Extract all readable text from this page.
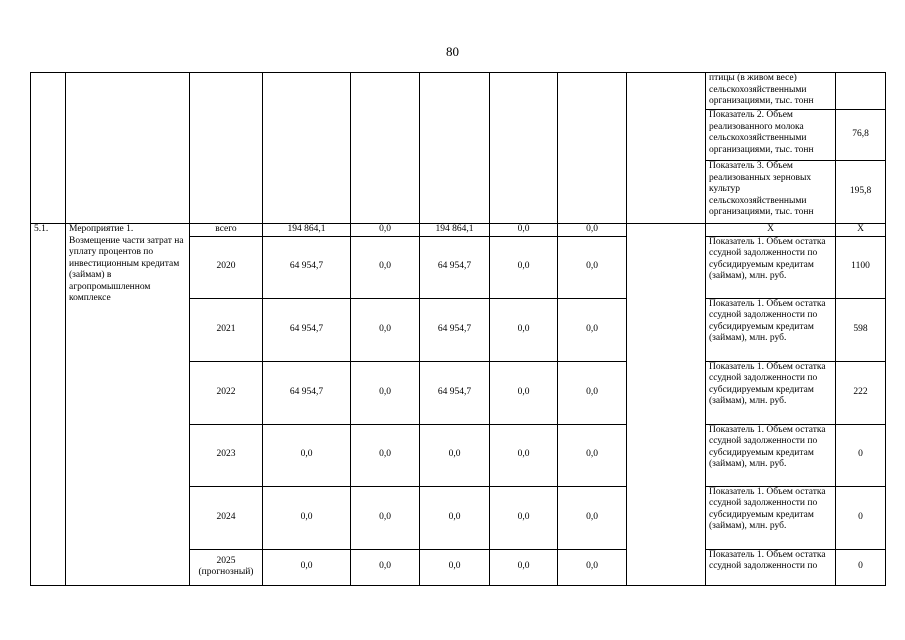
80
									птицы (в живом весе) сельскохозяйственными организациями, тыс. тонн	
									Показатель 2. Объем реализованного молока сельскохозяйственными организациями, тыс. тонн	76,8
									Показатель 3. Объем реализованных зерновых культур сельскохозяйственными организациями, тыс. тонн	195,8
5.1.	Мероприятие 1. Возмещение части затрат на уплату процентов по инвестиционным кредитам (займам) в агропромышленном комплексе	всего	194 864,1	0,0	194 864,1	0,0	0,0		Х	Х
		2020	64 954,7	0,0	64 954,7	0,0	0,0		Показатель 1. Объем остатка ссудной задолженности по субсидируемым кредитам (займам), млн. руб.	1100
		2021	64 954,7	0,0	64 954,7	0,0	0,0		Показатель 1. Объем остатка ссудной задолженности по субсидируемым кредитам (займам), млн. руб.	598
		2022	64 954,7	0,0	64 954,7	0,0	0,0		Показатель 1. Объем остатка ссудной задолженности по субсидируемым кредитам (займам), млн. руб.	222
		2023	0,0	0,0	0,0	0,0	0,0		Показатель 1. Объем остатка ссудной задолженности по субсидируемым кредитам (займам), млн. руб.	0
		2024	0,0	0,0	0,0	0,0	0,0		Показатель 1. Объем остатка ссудной задолженности по субсидируемым кредитам (займам), млн. руб.	0
		2025 (прогнозный)	0,0	0,0	0,0	0,0	0,0		Показатель 1. Объем остатка ссудной задолженности по	0
